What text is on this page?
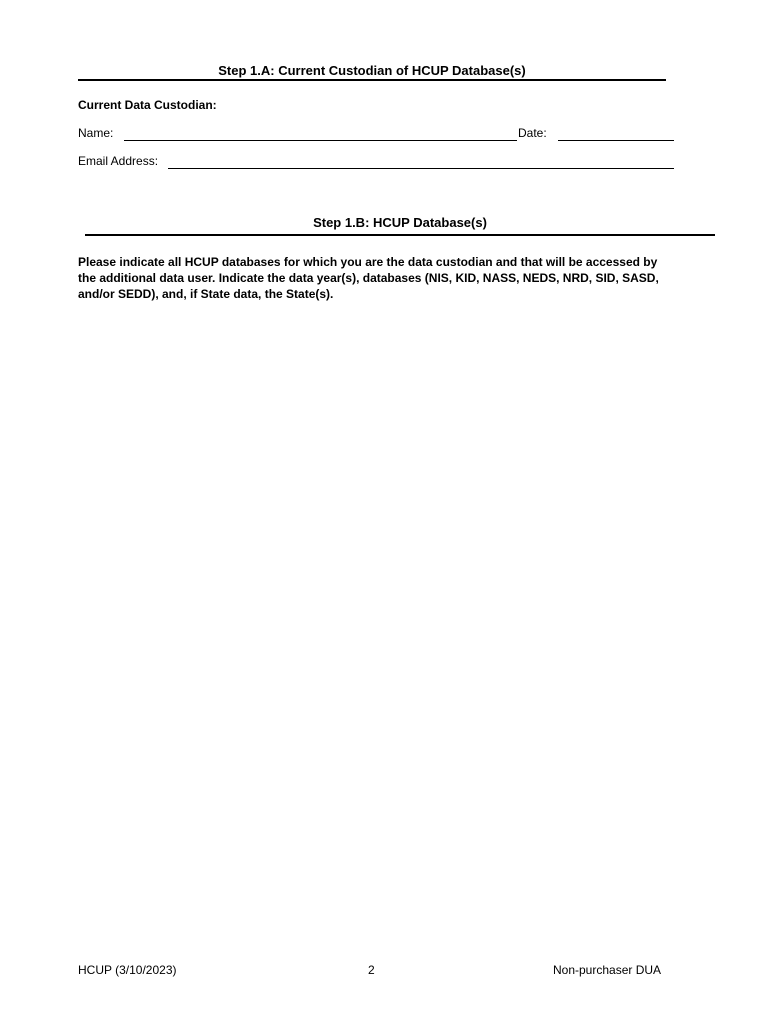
Step 1.A: Current Custodian of HCUP Database(s)
Current Data Custodian:
Name:	Date:
Email Address:
Step 1.B: HCUP Database(s)
Please indicate all HCUP databases for which you are the data custodian and that will be accessed by
the additional data user. Indicate the data year(s), databases (NIS, KID, NASS, NEDS, NRD, SID, SASD,
and/or SEDD), and, if State data, the State(s).
HCUP (3/10/2023)	2	Non-purchaser DUA
